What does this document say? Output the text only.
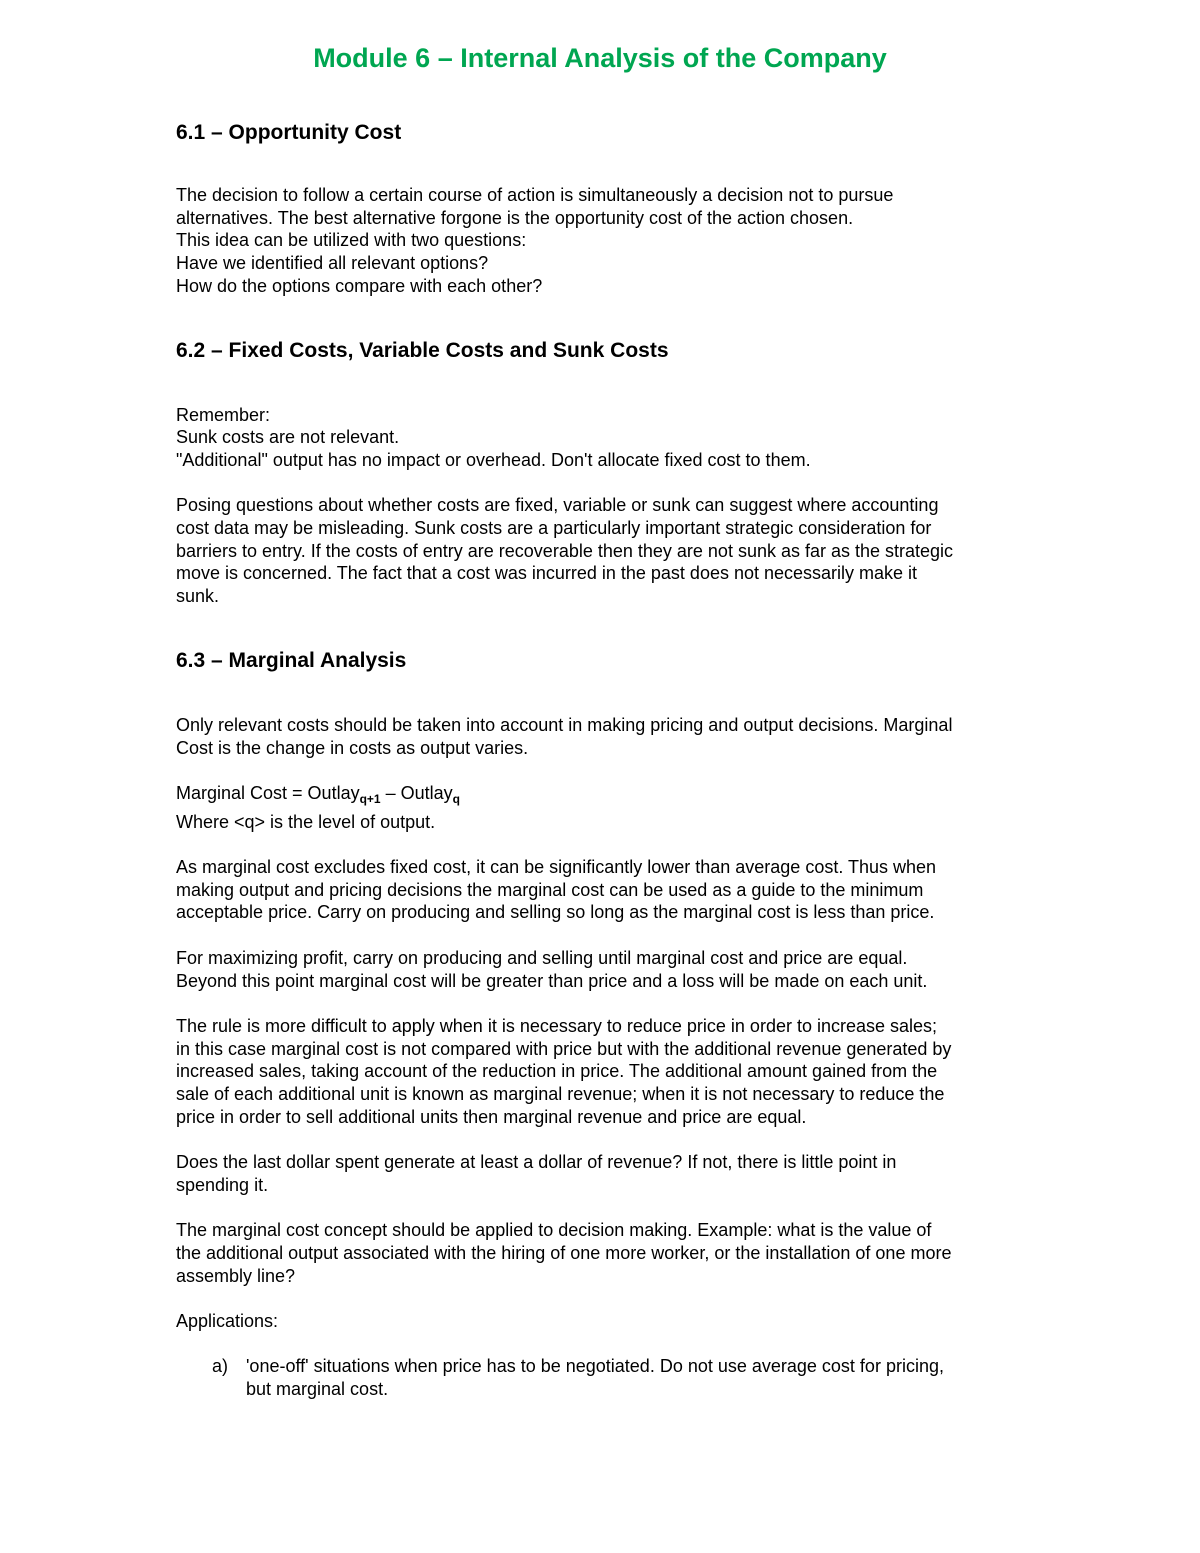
Module 6 – Internal Analysis of the Company
6.1 – Opportunity Cost

The decision to follow a certain course of action is simultaneously a decision not to pursue
alternatives. The best alternative forgone is the opportunity cost of the action chosen.
This idea can be utilized with two questions:
Have we identified all relevant options?
How do the options compare with each other?

6.2 – Fixed Costs, Variable Costs and Sunk Costs

Remember:
Sunk costs are not relevant.
"Additional" output has no impact or overhead. Don't allocate fixed cost to them.

Posing questions about whether costs are fixed, variable or sunk can suggest where accounting
cost data may be misleading. Sunk costs are a particularly important strategic consideration for
barriers to entry. If the costs of entry are recoverable then they are not sunk as far as the strategic
move is concerned. The fact that a cost was incurred in the past does not necessarily make it
sunk.

6.3 – Marginal Analysis

Only relevant costs should be taken into account in making pricing and output decisions. Marginal
Cost is the change in costs as output varies.

Marginal Cost = Outlay$_{q+1}$ – Outlay$_q$
Where <q> is the level of output.

As marginal cost excludes fixed cost, it can be significantly lower than average cost. Thus when
making output and pricing decisions the marginal cost can be used as a guide to the minimum
acceptable price. Carry on producing and selling so long as the marginal cost is less than price.

For maximizing profit, carry on producing and selling until marginal cost and price are equal.
Beyond this point marginal cost will be greater than price and a loss will be made on each unit.

The rule is more difficult to apply when it is necessary to reduce price in order to increase sales;
in this case marginal cost is not compared with price but with the additional revenue generated by
increased sales, taking account of the reduction in price. The additional amount gained from the
sale of each additional unit is known as marginal revenue; when it is not necessary to reduce the
price in order to sell additional units then marginal revenue and price are equal.

Does the last dollar spent generate at least a dollar of revenue? If not, there is little point in
spending it.

The marginal cost concept should be applied to decision making. Example: what is the value of
the additional output associated with the hiring of one more worker, or the installation of one more
assembly line?

Applications:

a) 'one-off' situations when price has to be negotiated. Do not use average cost for pricing,
but marginal cost.
